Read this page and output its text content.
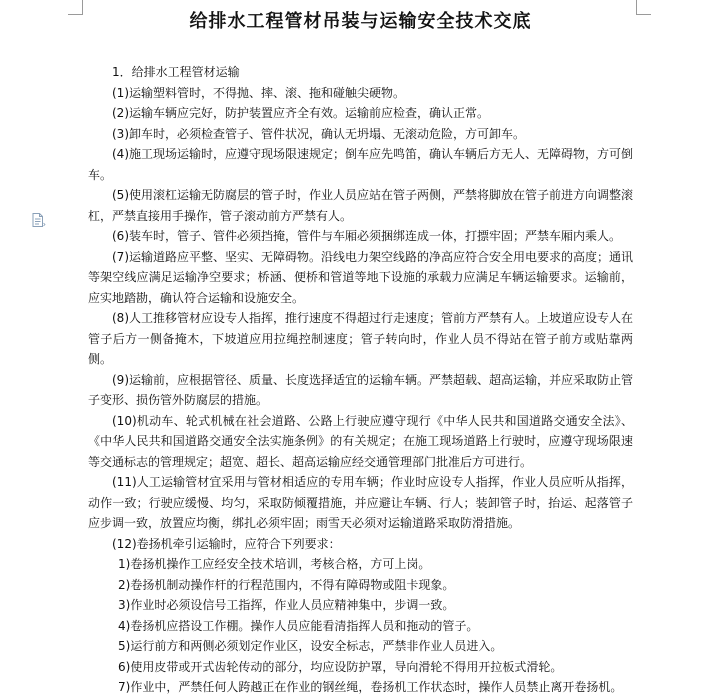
给排水工程管材吊装与运输安全技术交底

1．给排水工程管材运输

(1)运输塑料管时，不得抛、摔、滚、拖和碰触尖硬物。

(2)运输车辆应完好，防护装置应齐全有效。运输前应检查，确认正常。

(3)卸车时，必须检查管子、管件状况，确认无坍塌、无滚动危险，方可卸车。

(4)施工现场运输时，应遵守现场限速规定；倒车应先鸣笛，确认车辆后方无人、无障碍物，方可倒车。

(5)使用滚杠运输无防腐层的管子时，作业人员应站在管子两侧，严禁将脚放在管子前进方向调整滚杠，严禁直接用手操作，管子滚动前方严禁有人。

(6)装车时，管子、管件必须挡掩，管件与车厢必须捆绑连成一体，打摽牢固；严禁车厢内乘人。

(7)运输道路应平整、坚实、无障碍物。沿线电力架空线路的净高应符合安全用电要求的高度；通讯等架空线应满足运输净空要求；桥涵、便桥和管道等地下设施的承载力应满足车辆运输要求。运输前，应实地踏勘，确认符合运输和设施安全。

(8)人工推移管材应设专人指挥，推行速度不得超过行走速度；管前方严禁有人。上坡道应设专人在管子后方一侧备掩木，下坡道应用拉绳控制速度；管子转向时，作业人员不得站在管子前方或贴靠两侧。

(9)运输前，应根据管径、质量、长度选择适宜的运输车辆。严禁超载、超高运输，并应采取防止管子变形、损伤管外防腐层的措施。

(10)机动车、轮式机械在社会道路、公路上行驶应遵守现行《中华人民共和国道路交通安全法》、《中华人民共和国道路交通安全法实施条例》的有关规定；在施工现场道路上行驶时，应遵守现场限速等交通标志的管理规定；超宽、超长、超高运输应经交通管理部门批准后方可进行。

(11)人工运输管材宜采用与管材相适应的专用车辆；作业时应设专人指挥，作业人员应听从指挥，动作一致；行驶应缓慢、均匀，采取防倾覆措施，并应避让车辆、行人；装卸管子时，抬运、起落管子应步调一致，放置应均衡，绑扎必须牢固；雨雪天必须对运输道路采取防滑措施。

(12)卷扬机牵引运输时，应符合下列要求：

1)卷扬机操作工应经安全技术培训，考核合格，方可上岗。

2)卷扬机制动操作杆的行程范围内，不得有障碍物或阻卡现象。

3)作业时必须设信号工指挥，作业人员应精神集中，步调一致。

4)卷扬机应搭设工作棚。操作人员应能看清指挥人员和拖动的管子。

5)运行前方和两侧必须划定作业区，设安全标志，严禁非作业人员进入。

6)使用皮带或开式齿轮传动的部分，均应设防护罩，导向滑轮不得用开拉板式滑轮。

7)作业中，严禁任何人跨越正在作业的钢丝绳，卷扬机工作状态时，操作人员禁止离开卷扬机。
